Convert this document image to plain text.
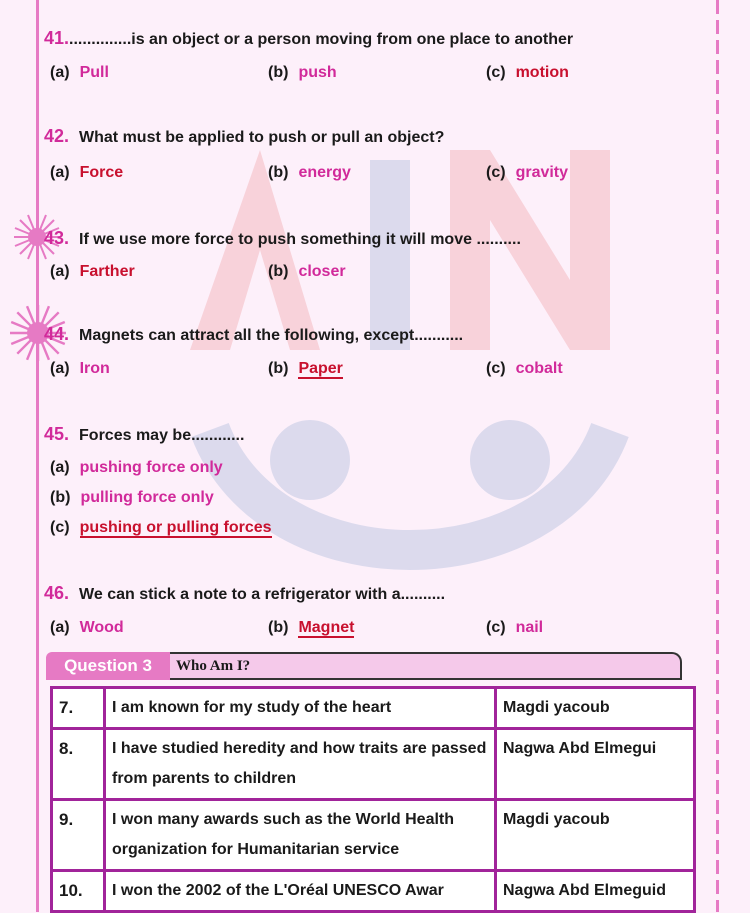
41...............is an object or a person moving from one place to another
(a) Pull	(b) push	(c) motion
42. What must be applied to push or pull an object?
(a) Force	(b) energy	(c) gravity
43. If we use more force to push something it will move ..........
(a) Farther	(b) closer
44. Magnets can attract all the following, except...........
(a) Iron	(b) Paper	(c) cobalt
45. Forces may be............
(a) pushing force only
(b) pulling force only
(c) pushing or pulling forces
46. We can stick a note to a refrigerator with a..........
(a) Wood	(b) Magnet	(c) nail
Question 3	Who Am I?
7.	I am known for my study of the heart	Magdi yacoub
8.	I have studied heredity and how traits are passed from parents to children	Nagwa Abd Elmegui
9.	I won many awards such as the World Health organization for Humanitarian service	Magdi yacoub
10.	I won the 2002 of the L'Oréal UNESCO Awar	Nagwa Abd Elmeguid
